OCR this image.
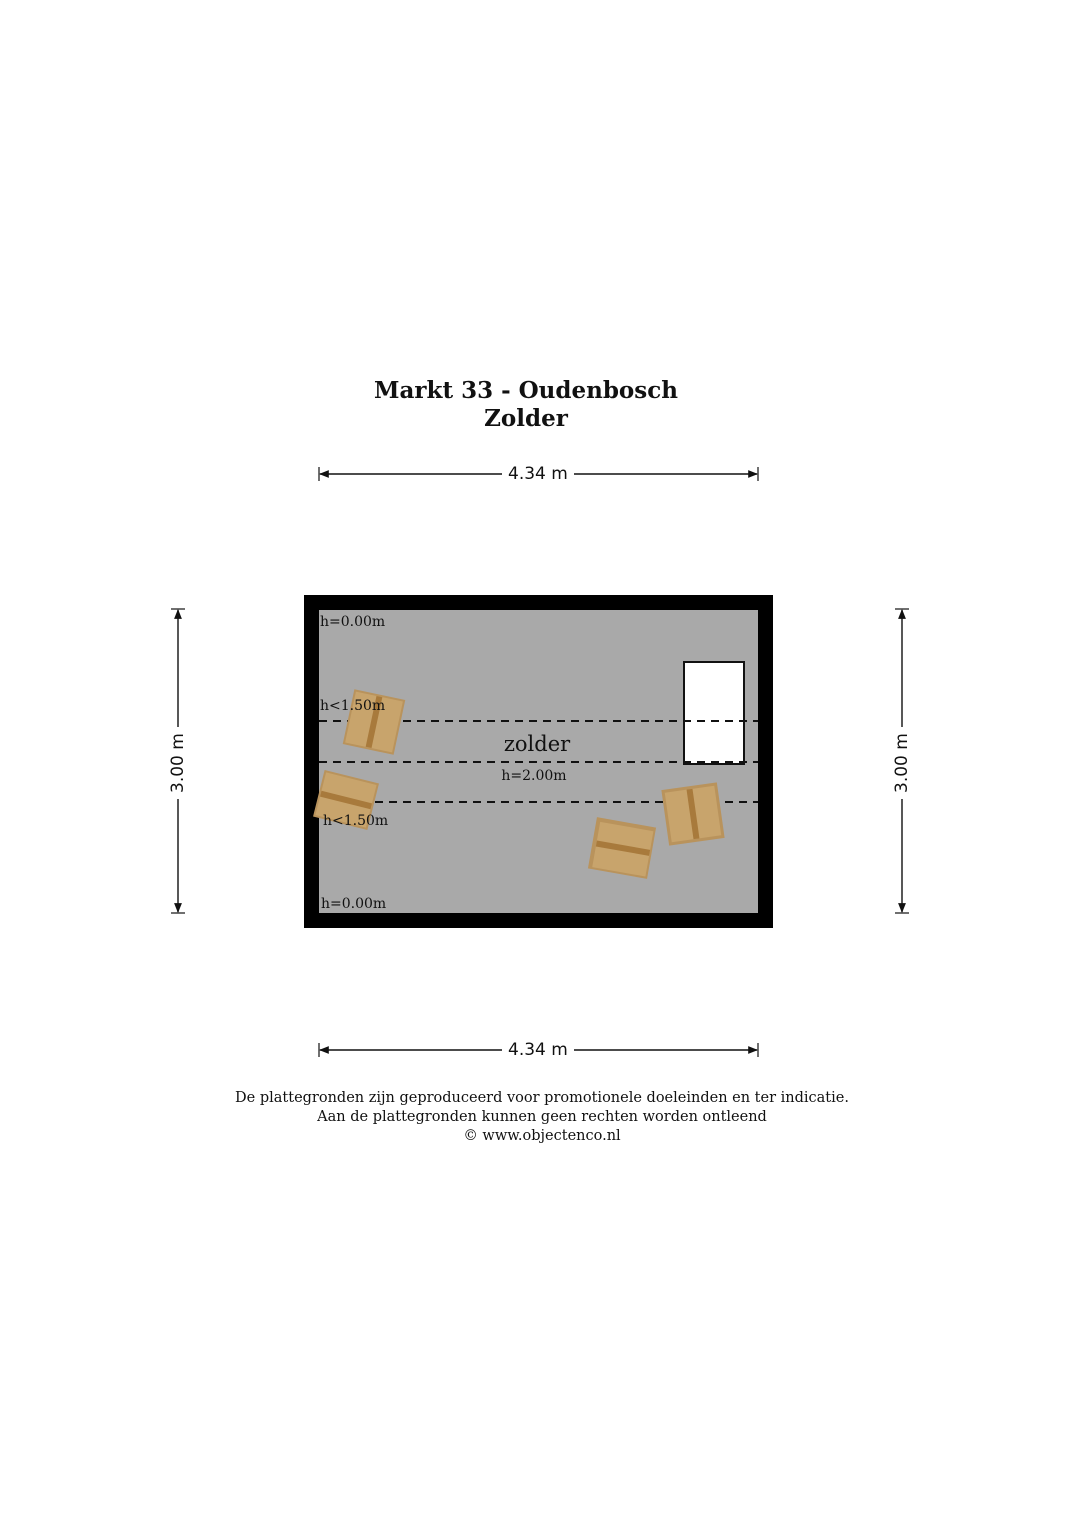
Markt 33 - Oudenbosch
Zolder
zolder
h=2.00m
h=0.00m
h<1.50m
h<1.50m
h=0.00m
4.34 m
4.34 m
3.00 m	3.00 m
De plattegronden zijn geproduceerd voor promotionele doeleinden en ter indicatie.
Aan de plattegronden kunnen geen rechten worden ontleend
© www.objectenco.nl
